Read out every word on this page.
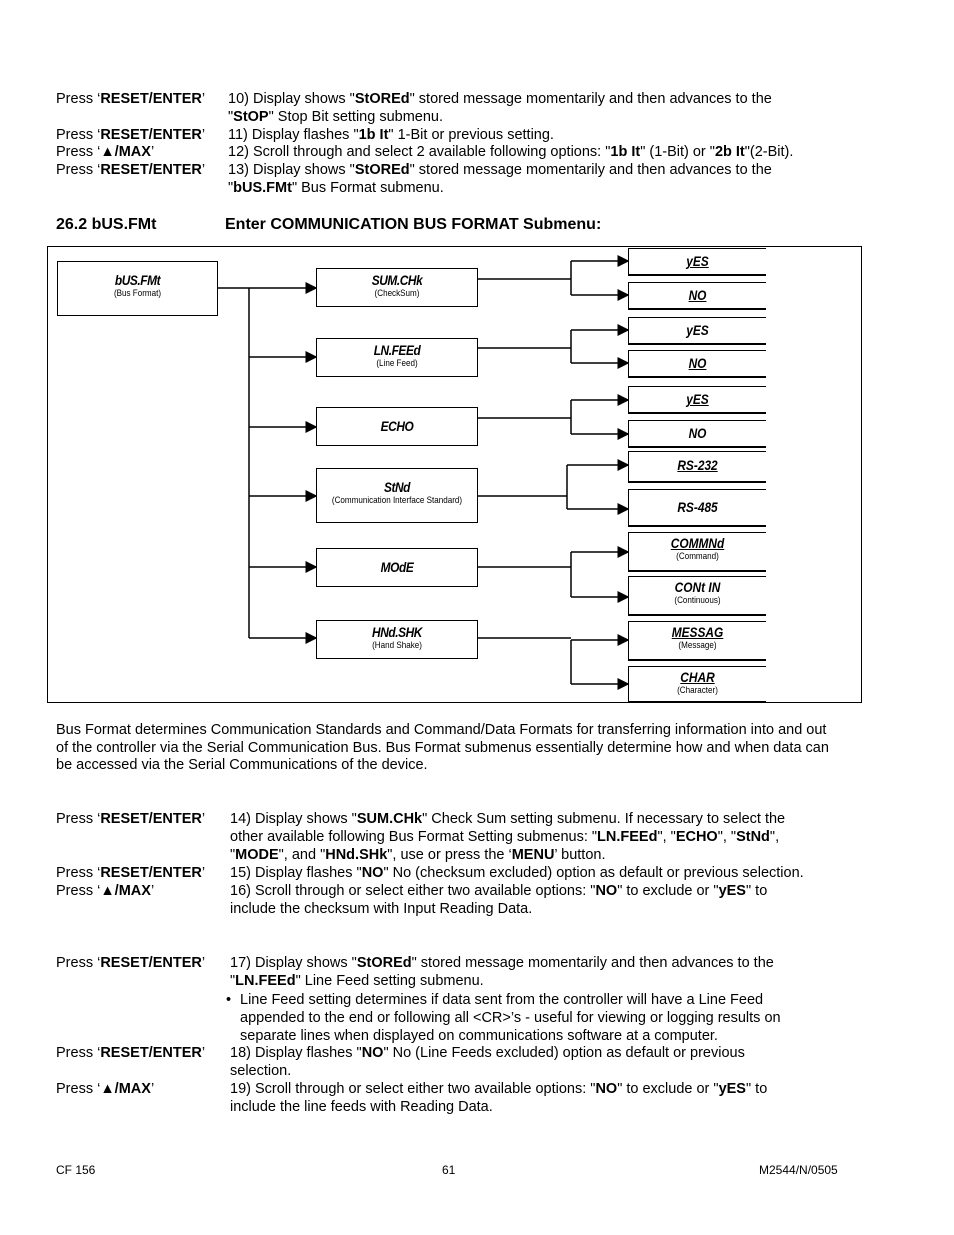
Press ‘RESET/ENTER’ 10) Display shows "StOREd" stored message momentarily and then advances to the
"StOP" Stop Bit setting submenu.
Press ‘RESET/ENTER’ 11) Display flashes "1b It" 1-Bit or previous setting.
Press ‘▲/MAX’	12) Scroll through and select 2 available following options: "1b It" (1-Bit) or "2b It"(2-Bit).
Press ‘RESET/ENTER’ 13) Display shows "StOREd" stored message momentarily and then advances to the
"bUS.FMt" Bus Format submenu.
26.2 bUS.FMt	Enter COMMUNICATION BUS FORMAT Submenu:
bUS.FMt
(Bus Format)
SUM.CHk
(CheckSum)
LN.FEEd
(Line Feed)
ECHO
StNd
(Communication Interface Standard)
MOdE
HNd.SHK
(Hand Shake)
yES
NO
yES
NO
yES
NO
RS-232
RS-485
COMMNd
(Command)
CONt IN
(Continuous)
MESSAG
(Message)
CHAR
(Character)
Bus Format determines Communication Standards and Command/Data Formats for transferring information into and out
of the controller via the Serial Communication Bus. Bus Format submenus essentially determine how and when data can
be accessed via the Serial Communications of the device.
Press ‘RESET/ENTER’ 14) Display shows "SUM.CHk" Check Sum setting submenu. If necessary to select the
other available following Bus Format Setting submenus: "LN.FEEd", "ECHO", "StNd",
"MODE", and "HNd.SHk", use or press the ‘MENU’ button.
Press ‘RESET/ENTER’ 15) Display flashes "NO" No (checksum excluded) option as default or previous selection.
Press ‘▲/MAX’	16) Scroll through or select either two available options: "NO" to exclude or "yES" to
include the checksum with Input Reading Data.
Press ‘RESET/ENTER’ 17) Display shows "StOREd" stored message momentarily and then advances to the
"LN.FEEd" Line Feed setting submenu.
• Line Feed setting determines if data sent from the controller will have a Line Feed
appended to the end or following all <CR>’s - useful for viewing or logging results on
separate lines when displayed on communications software at a computer.
Press ‘RESET/ENTER’ 18) Display flashes "NO" No (Line Feeds excluded) option as default or previous
selection.
Press ‘▲/MAX’	19) Scroll through or select either two available options: "NO" to exclude or "yES" to
include the line feeds with Reading Data.
CF 156	61	M2544/N/0505
